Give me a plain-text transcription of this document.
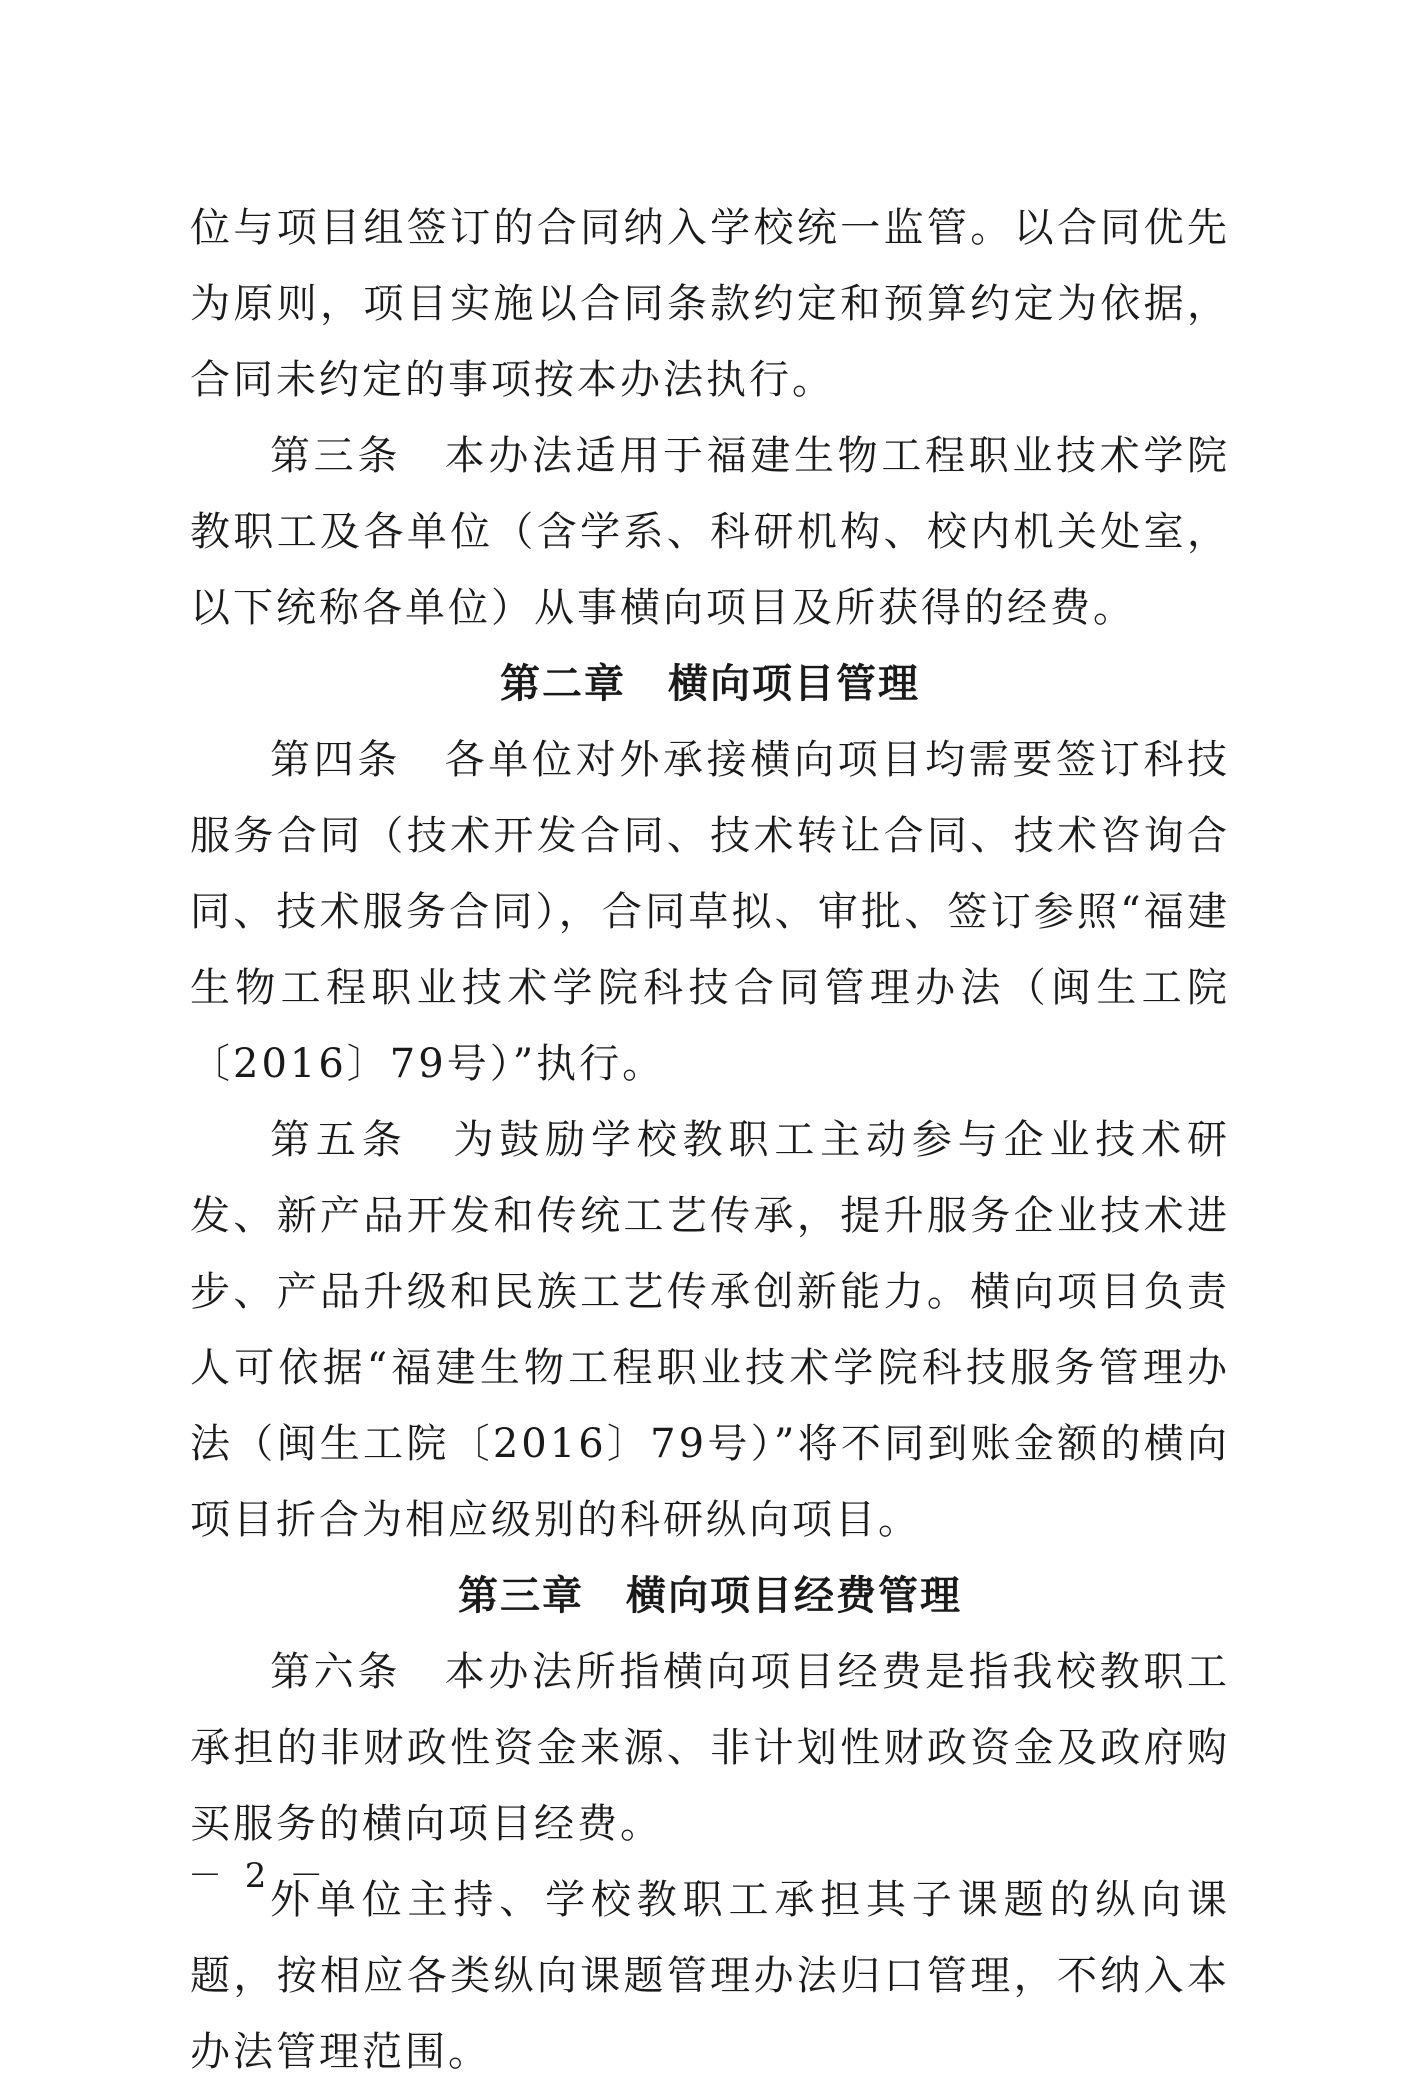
位与项目组签订的合同纳入学校统一监管。以合同优先为原则，项目实施以合同条款约定和预算约定为依据，合同未约定的事项按本办法执行。

第三条　本办法适用于福建生物工程职业技术学院教职工及各单位（含学系、科研机构、校内机关处室，以下统称各单位）从事横向项目及所获得的经费。

第二章　横向项目管理

第四条　各单位对外承接横向项目均需要签订科技服务合同（技术开发合同、技术转让合同、技术咨询合同、技术服务合同），合同草拟、审批、签订参照“福建生物工程职业技术学院科技合同管理办法（闽生工院〔2016〕79号）”执行。

第五条　为鼓励学校教职工主动参与企业技术研发、新产品开发和传统工艺传承，提升服务企业技术进步、产品升级和民族工艺传承创新能力。横向项目负责人可依据“福建生物工程职业技术学院科技服务管理办法（闽生工院〔2016〕79号）”将不同到账金额的横向项目折合为相应级别的科研纵向项目。

第三章　横向项目经费管理

第六条　本办法所指横向项目经费是指我校教职工承担的非财政性资金来源、非计划性财政资金及政府购买服务的横向项目经费。

外单位主持、学校教职工承担其子课题的纵向课题，按相应各类纵向课题管理办法归口管理，不纳入本办法管理范围。

－ 2 －
